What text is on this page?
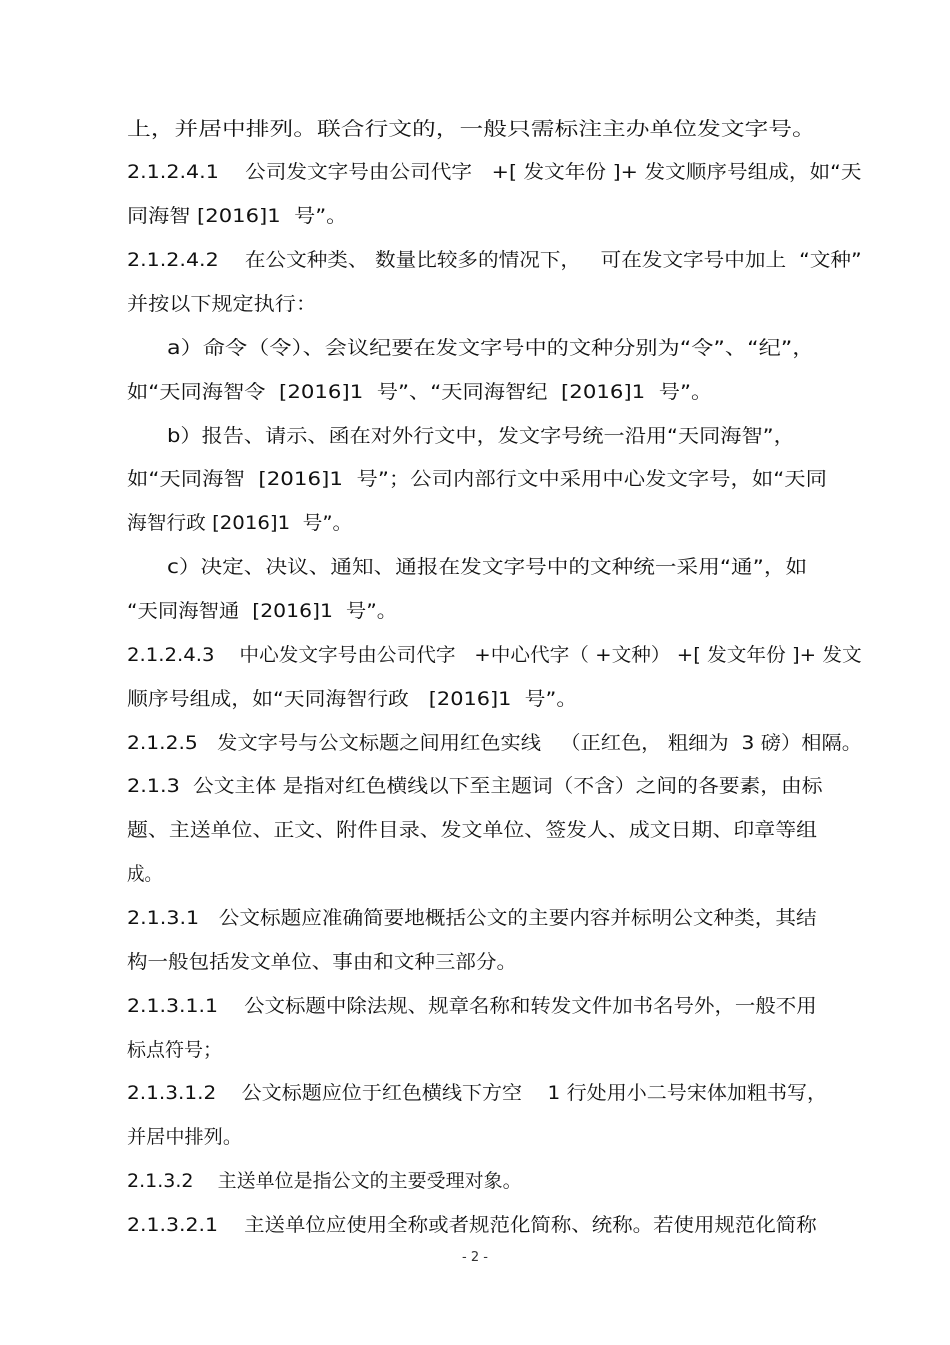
上，并居中排列。联合行文的，一般只需标注主办单位发文字号。

2.1.2.4.1    公司发文字号由公司代字   +[ 发文年份 ]+ 发文顺序号组成，如“天

同海智 [2016]1  号”。

2.1.2.4.2    在公文种类、 数量比较多的情况下，   可在发文字号中加上  “文种”

并按以下规定执行：

a）命令（令）、会议纪要在发文字号中的文种分别为“令”、“纪”，

如“天同海智令  [2016]1  号”、“天同海智纪  [2016]1  号”。

b）报告、请示、函在对外行文中，发文字号统一沿用“天同海智”，

如“天同海智  [2016]1  号”；公司内部行文中采用中心发文字号，如“天同

海智行政 [2016]1  号”。

c）决定、决议、通知、通报在发文字号中的文种统一采用“通”，如

“天同海智通  [2016]1  号”。

2.1.2.4.3    中心发文字号由公司代字   +中心代字（ +文种） +[ 发文年份 ]+ 发文

顺序号组成，如“天同海智行政   [2016]1  号”。

2.1.2.5   发文字号与公文标题之间用红色实线   （正红色， 粗细为  3 磅）相隔。

2.1.3  公文主体 是指对红色横线以下至主题词（不含）之间的各要素，由标

题、主送单位、正文、附件目录、发文单位、签发人、成文日期、印章等组

成。

2.1.3.1   公文标题应准确简要地概括公文的主要内容并标明公文种类，其结

构一般包括发文单位、事由和文种三部分。

2.1.3.1.1    公文标题中除法规、规章名称和转发文件加书名号外，一般不用

标点符号；

2.1.3.1.2    公文标题应位于红色横线下方空    1 行处用小二号宋体加粗书写，

并居中排列。

2.1.3.2    主送单位是指公文的主要受理对象。

2.1.3.2.1    主送单位应使用全称或者规范化简称、统称。若使用规范化简称

- 2 -
